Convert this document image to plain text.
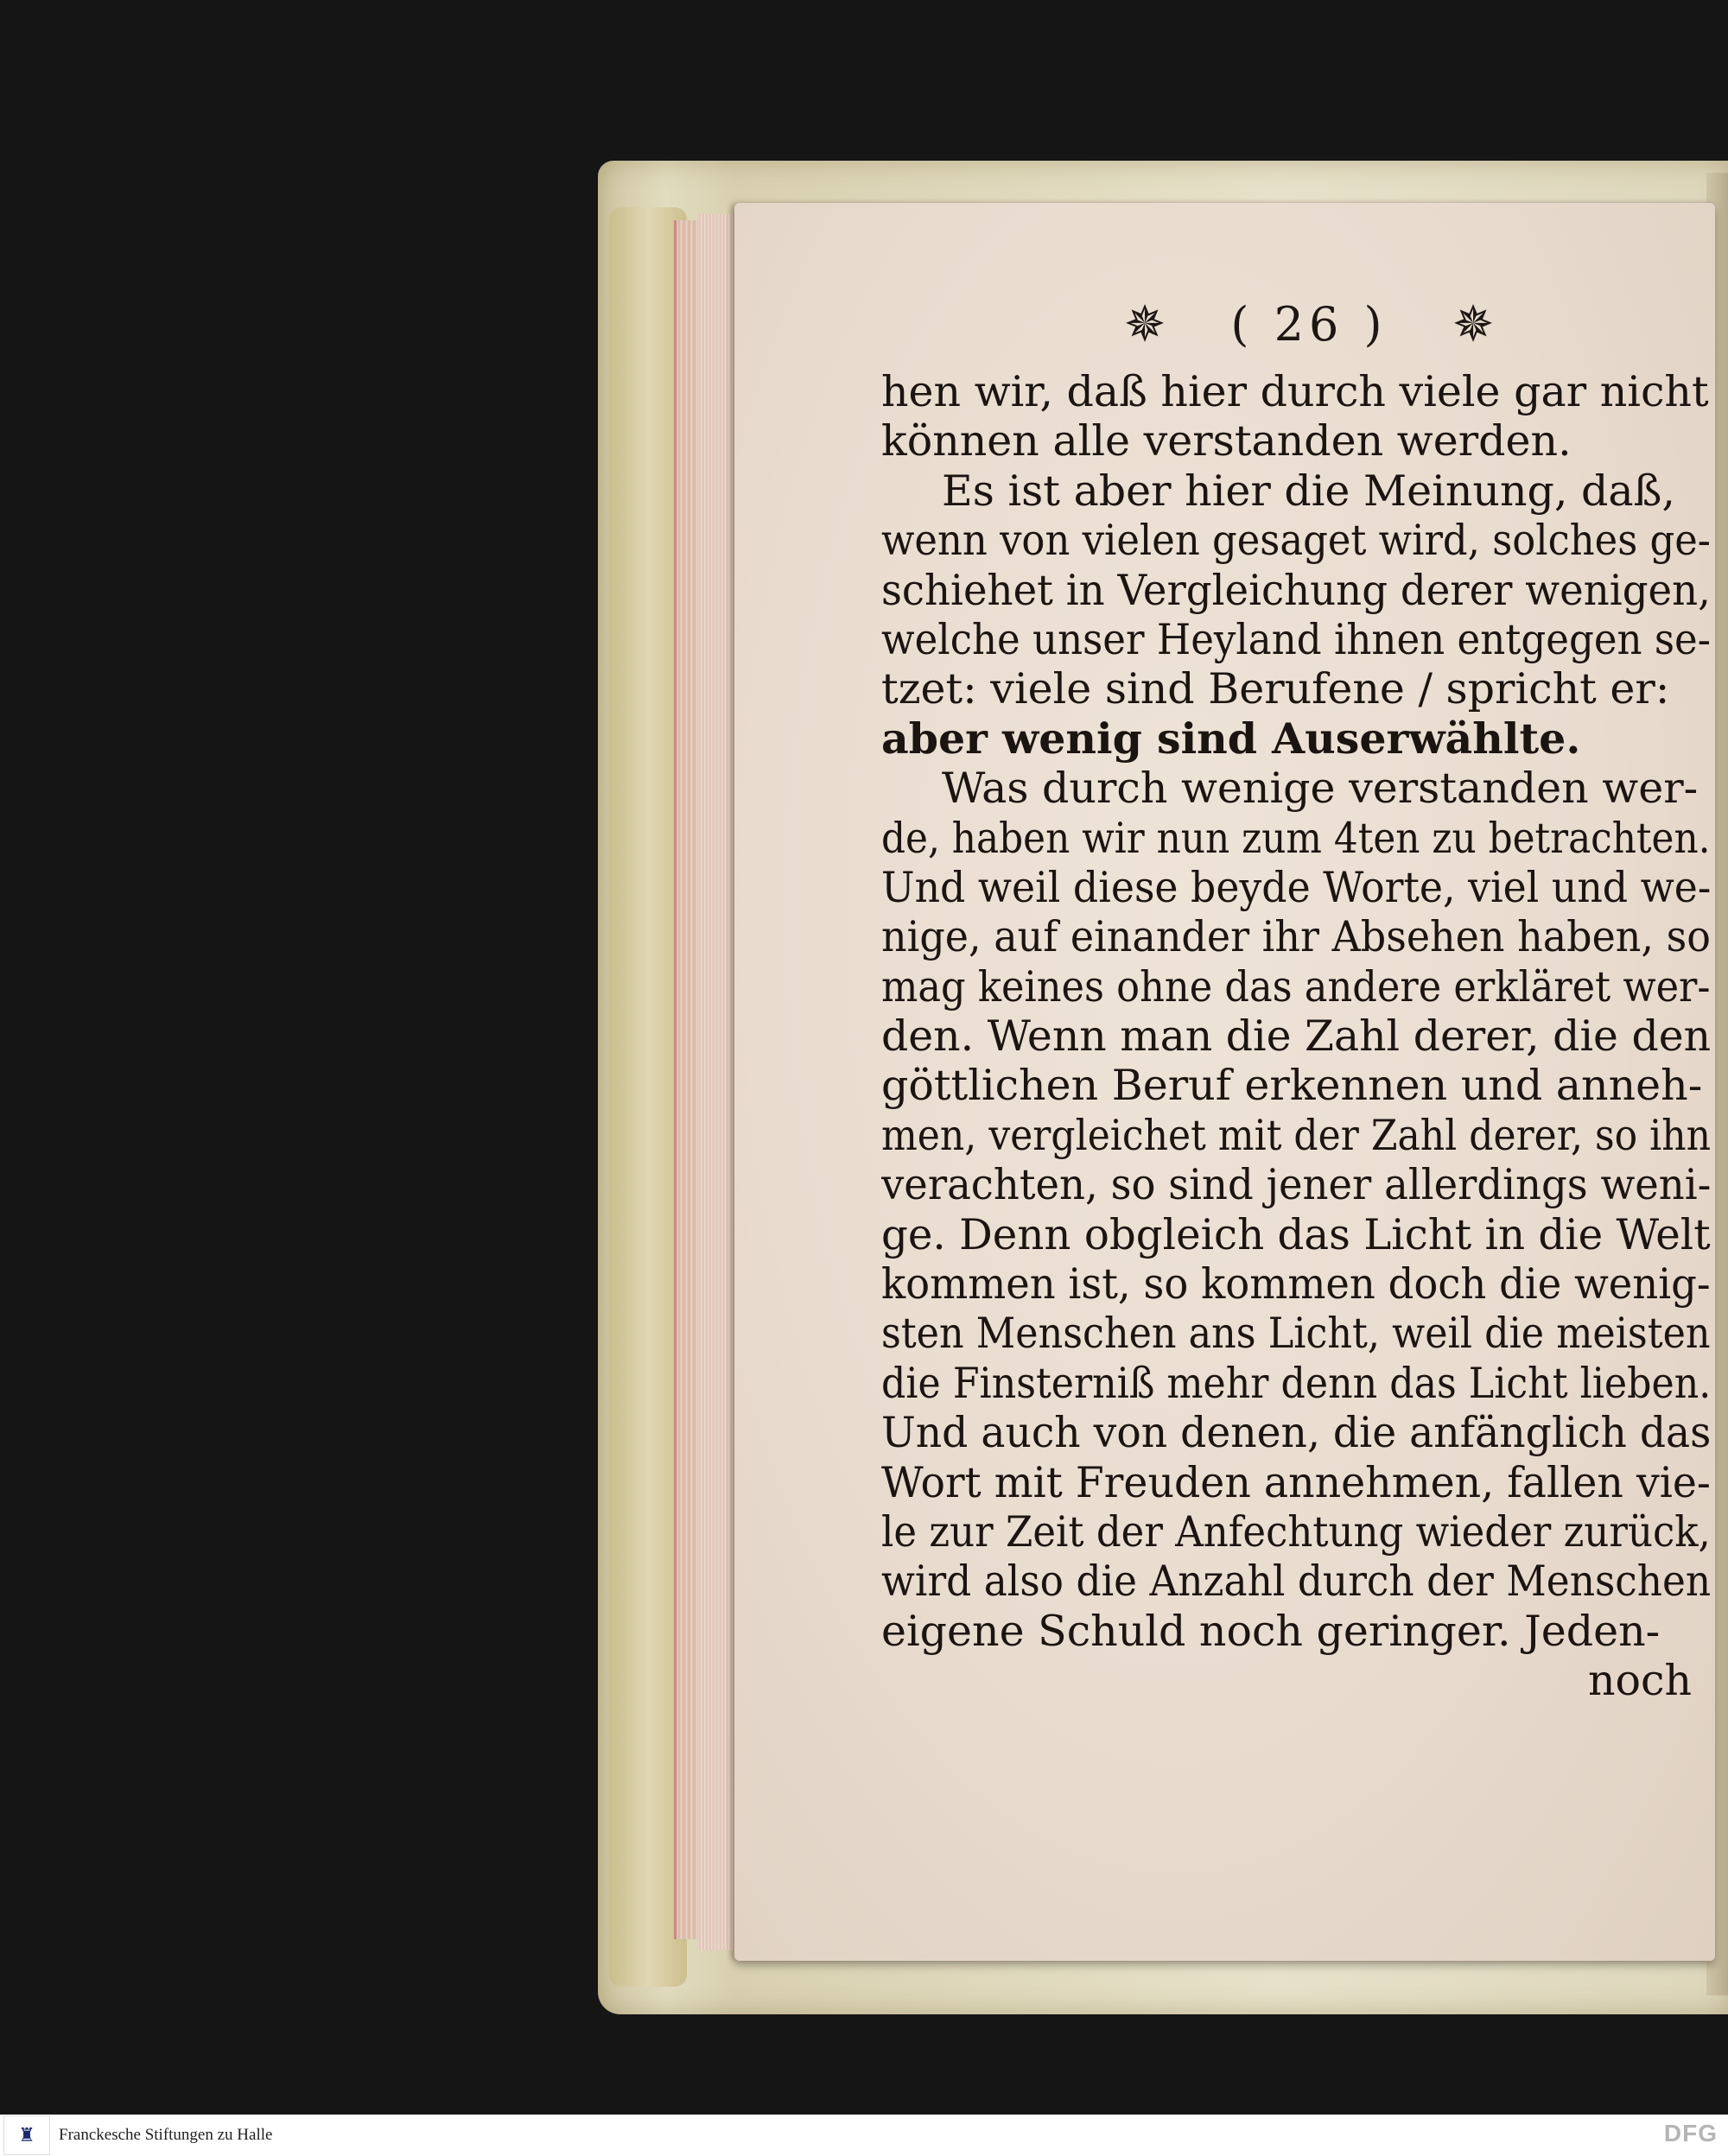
✵ ( 26 ) ✵
hen wir, daß hier durch viele gar nicht
können alle verstanden werden.
Es ist aber hier die Meinung, daß,
wenn von vielen gesaget wird, solches ge-
schiehet in Vergleichung derer wenigen,
welche unser Heyland ihnen entgegen se-
tzet: viele sind Berufene / spricht er:
aber wenig sind Auserwählte.
Was durch wenige verstanden wer-
de, haben wir nun zum 4ten zu betrachten.
Und weil diese beyde Worte, viel und we-
nige, auf einander ihr Absehen haben, so
mag keines ohne das andere erkläret wer-
den. Wenn man die Zahl derer, die den
göttlichen Beruf erkennen und anneh-
men, vergleichet mit der Zahl derer, so ihn
verachten, so sind jener allerdings weni-
ge. Denn obgleich das Licht in die Welt
kommen ist, so kommen doch die wenig-
sten Menschen ans Licht, weil die meisten
die Finsterniß mehr denn das Licht lieben.
Und auch von denen, die anfänglich das
Wort mit Freuden annehmen, fallen vie-
le zur Zeit der Anfechtung wieder zurück,
wird also die Anzahl durch der Menschen
eigene Schuld noch geringer. Jeden-
noch
♜ Franckesche Stiftungen zu Halle	DFG
